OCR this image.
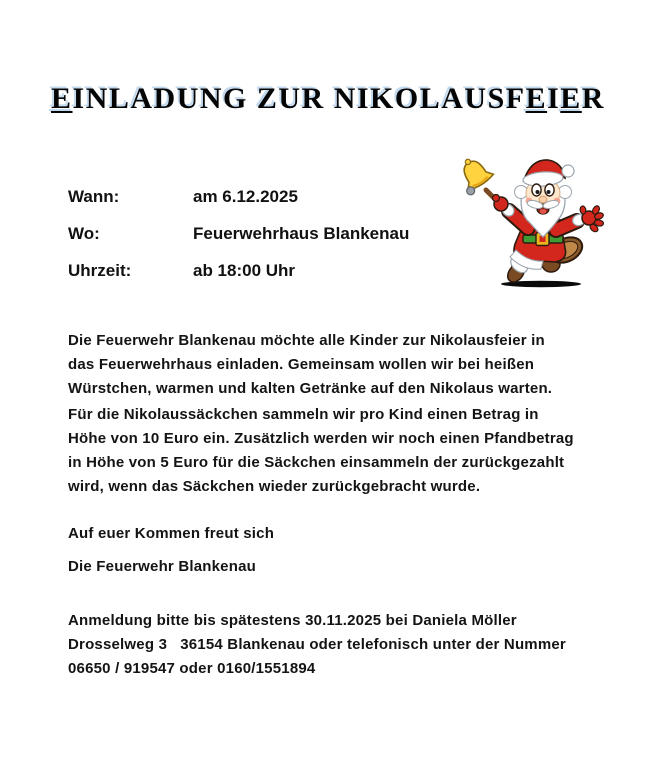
EINLADUNG ZUR NIKOLAUSFEIER
Wann:	am 6.12.2025
Wo:	Feuerwehrhaus Blankenau
Uhrzeit:	ab 18:00 Uhr
Die Feuerwehr Blankenau möchte alle Kinder zur Nikolausfeier in
das Feuerwehrhaus einladen. Gemeinsam wollen wir bei heißen
Würstchen, warmen und kalten Getränke auf den Nikolaus warten.
Für die Nikolaussäckchen sammeln wir pro Kind einen Betrag in
Höhe von 10 Euro ein. Zusätzlich werden wir noch einen Pfandbetrag
in Höhe von 5 Euro für die Säckchen einsammeln der zurückgezahlt
wird, wenn das Säckchen wieder zurückgebracht wurde.
Auf euer Kommen freut sich
Die Feuerwehr Blankenau
Anmeldung bitte bis spätestens 30.11.2025 bei Daniela Möller
Drosselweg 3   36154 Blankenau oder telefonisch unter der Nummer
06650 / 919547 oder 0160/1551894
